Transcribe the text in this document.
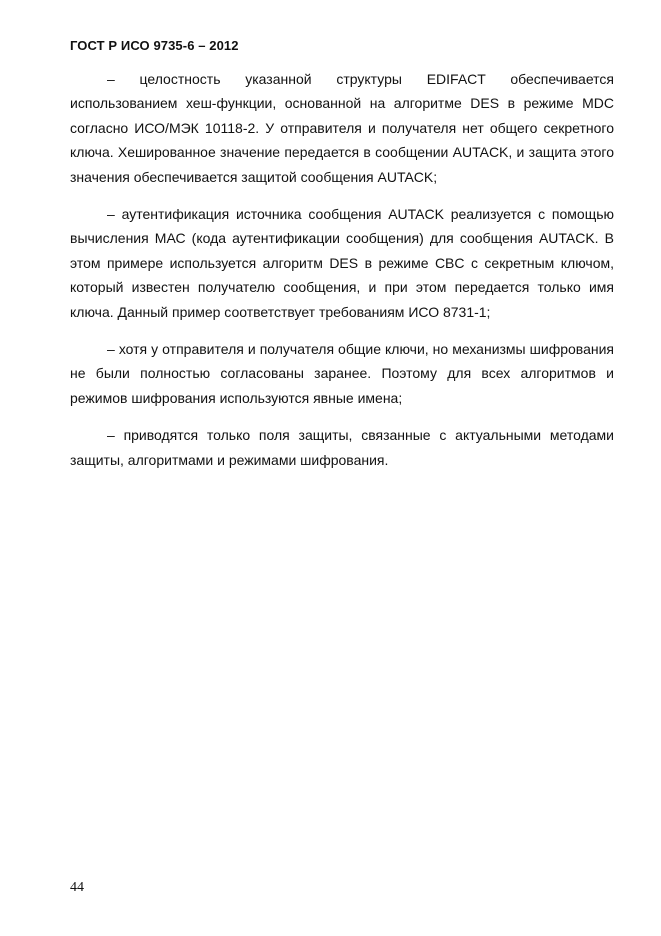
ГОСТ Р ИСО 9735-6 – 2012

– целостность указанной структуры EDIFACT обеспечивается использованием хеш-функции, основанной на алгоритме DES в режиме MDC согласно ИСО/МЭК 10118-2. У отправителя и получателя нет общего секретного ключа. Хешированное значение передается в сообщении AUTACK, и защита этого значения обеспечивается защитой сообщения AUTACK;

– аутентификация источника сообщения AUTACK реализуется с помощью вычисления МАС (кода аутентификации сообщения) для сообщения AUTACK. В этом примере используется алгоритм DES в режиме CBC с секретным ключом, который известен получателю сообщения, и при этом передается только имя ключа. Данный пример соответствует требованиям ИСО 8731-1;

– хотя у отправителя и получателя общие ключи, но механизмы шифрования не были полностью согласованы заранее. Поэтому для всех алгоритмов и режимов шифрования используются явные имена;

– приводятся только поля защиты, связанные с актуальными методами защиты, алгоритмами и режимами шифрования.

44
